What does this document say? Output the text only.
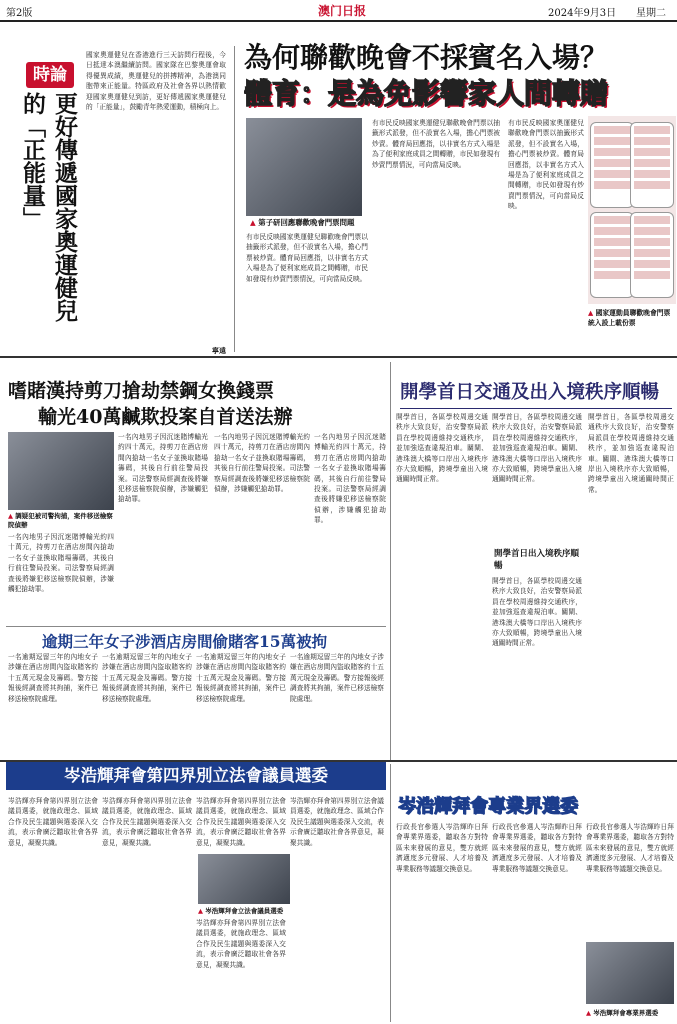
第2版	澳门日报	2024年9月3日 星期二
時論
更好傳遞國家奧運健兒的「正能量」
國家奧運健兒在香港進行三天訪問行程後，今日抵達本澳繼續訪問。國家隊在巴黎奧運會取得優異成績，奧運健兒的拼搏精神，為港澳同胞帶來正能量。特區政府及社會各界以熱情歡迎國家奧運健兒到訪，更好傳遞國家奧運健兒的「正能量」，鼓勵青年熱愛運動，積極向上。
寧遠
為何聯歡晚會不採賓名入場？
體育：是為免影響家人間轉贈
▲ 第子研回應聯歡晚會門票問題
有市民反映國家奧運健兒聯歡晚會門票以抽籤形式派發，但不設實名入場，擔心門票被炒賣。體育局回應指，以非實名方式入場是為了便利家庭成員之間轉贈，市民如發現有炒賣門票情況，可向當局反映。
有市民反映國家奧運健兒聯歡晚會門票以抽籤形式派發，但不設實名入場，擔心門票被炒賣。體育局回應指，以非實名方式入場是為了便利家庭成員之間轉贈，市民如發現有炒賣門票情況，可向當局反映。
有市民反映國家奧運健兒聯歡晚會門票以抽籤形式派發，但不設實名入場，擔心門票被炒賣。體育局回應指，以非實名方式入場是為了便利家庭成員之間轉贈，市民如發現有炒賣門票情況，可向當局反映。
▲ 國家運動員聯歡晚會門票統入設上載份票
嗜賭漢持剪刀搶劫禁鋼女換錢票
輸光40萬鹹欺投案自首送法辦
▲ 調疑犯被司警拘捕，案件移送檢察院偵辦
一名內地男子因沉迷賭博輸光約四十萬元，持剪刀在酒店房間內搶劫一名女子並換取賭場籌碼，其後自行前往警局投案。司法警察局經調查後將嫌犯移送檢察院偵辦，涉嫌觸犯搶劫罪。
一名內地男子因沉迷賭博輸光約四十萬元，持剪刀在酒店房間內搶劫一名女子並換取賭場籌碼，其後自行前往警局投案。司法警察局經調查後將嫌犯移送檢察院偵辦，涉嫌觸犯搶劫罪。
一名內地男子因沉迷賭博輸光約四十萬元，持剪刀在酒店房間內搶劫一名女子並換取賭場籌碼，其後自行前往警局投案。司法警察局經調查後將嫌犯移送檢察院偵辦，涉嫌觸犯搶劫罪。
一名內地男子因沉迷賭博輸光約四十萬元，持剪刀在酒店房間內搶劫一名女子並換取賭場籌碼，其後自行前往警局投案。司法警察局經調查後將嫌犯移送檢察院偵辦，涉嫌觸犯搶劫罪。
開學首日交通及出入境秩序順暢
開學首日，各區學校周邊交通秩序大致良好，治安警察局派員在學校周邊維持交通秩序，並加強巡查違規泊車。關閘、港珠澳大橋等口岸出入境秩序亦大致順暢，跨境學童出入境通關時間正常。
開學首日，各區學校周邊交通秩序大致良好，治安警察局派員在學校周邊維持交通秩序，並加強巡查違規泊車。關閘、港珠澳大橋等口岸出入境秩序亦大致順暢，跨境學童出入境通關時間正常。
開學首日出入境秩序順暢
開學首日，各區學校周邊交通秩序大致良好，治安警察局派員在學校周邊維持交通秩序，並加強巡查違規泊車。關閘、港珠澳大橋等口岸出入境秩序亦大致順暢，跨境學童出入境通關時間正常。
開學首日，各區學校周邊交通秩序大致良好，治安警察局派員在學校周邊維持交通秩序，並加強巡查違規泊車。關閘、港珠澳大橋等口岸出入境秩序亦大致順暢，跨境學童出入境通關時間正常。
逾期三年女子涉酒店房間偷賭客15萬被拘
一名逾期逗留三年的內地女子涉嫌在酒店房間內盜取賭客約十五萬元現金及籌碼。警方接報後經調查將其拘捕，案件已移送檢察院處理。
一名逾期逗留三年的內地女子涉嫌在酒店房間內盜取賭客約十五萬元現金及籌碼。警方接報後經調查將其拘捕，案件已移送檢察院處理。
一名逾期逗留三年的內地女子涉嫌在酒店房間內盜取賭客約十五萬元現金及籌碼。警方接報後經調查將其拘捕，案件已移送檢察院處理。
一名逾期逗留三年的內地女子涉嫌在酒店房間內盜取賭客約十五萬元現金及籌碼。警方接報後經調查將其拘捕，案件已移送檢察院處理。
岑浩輝拜會第四界別立法會議員選委
岑浩輝亦拜會第四界別立法會議員選委，就施政理念、區域合作及民生議題與選委深入交流，表示會廣泛聽取社會各界意見，凝聚共識。
岑浩輝亦拜會第四界別立法會議員選委，就施政理念、區域合作及民生議題與選委深入交流，表示會廣泛聽取社會各界意見，凝聚共識。
岑浩輝亦拜會第四界別立法會議員選委，就施政理念、區域合作及民生議題與選委深入交流，表示會廣泛聽取社會各界意見，凝聚共識。
▲ 岑浩輝拜會立法會議員選委
岑浩輝亦拜會第四界別立法會議員選委，就施政理念、區域合作及民生議題與選委深入交流，表示會廣泛聽取社會各界意見，凝聚共識。
岑浩輝亦拜會第四界別立法會議員選委，就施政理念、區域合作及民生議題與選委深入交流，表示會廣泛聽取社會各界意見，凝聚共識。
岑浩輝拜會專業界選委
行政長官參選人岑浩輝昨日拜會專業界選委，聽取各方對特區未來發展的意見，雙方就經濟適度多元發展、人才培養及專業服務等議題交換意見。
行政長官參選人岑浩輝昨日拜會專業界選委，聽取各方對特區未來發展的意見，雙方就經濟適度多元發展、人才培養及專業服務等議題交換意見。
行政長官參選人岑浩輝昨日拜會專業界選委，聽取各方對特區未來發展的意見，雙方就經濟適度多元發展、人才培養及專業服務等議題交換意見。
▲ 岑浩輝拜會專業界選委
